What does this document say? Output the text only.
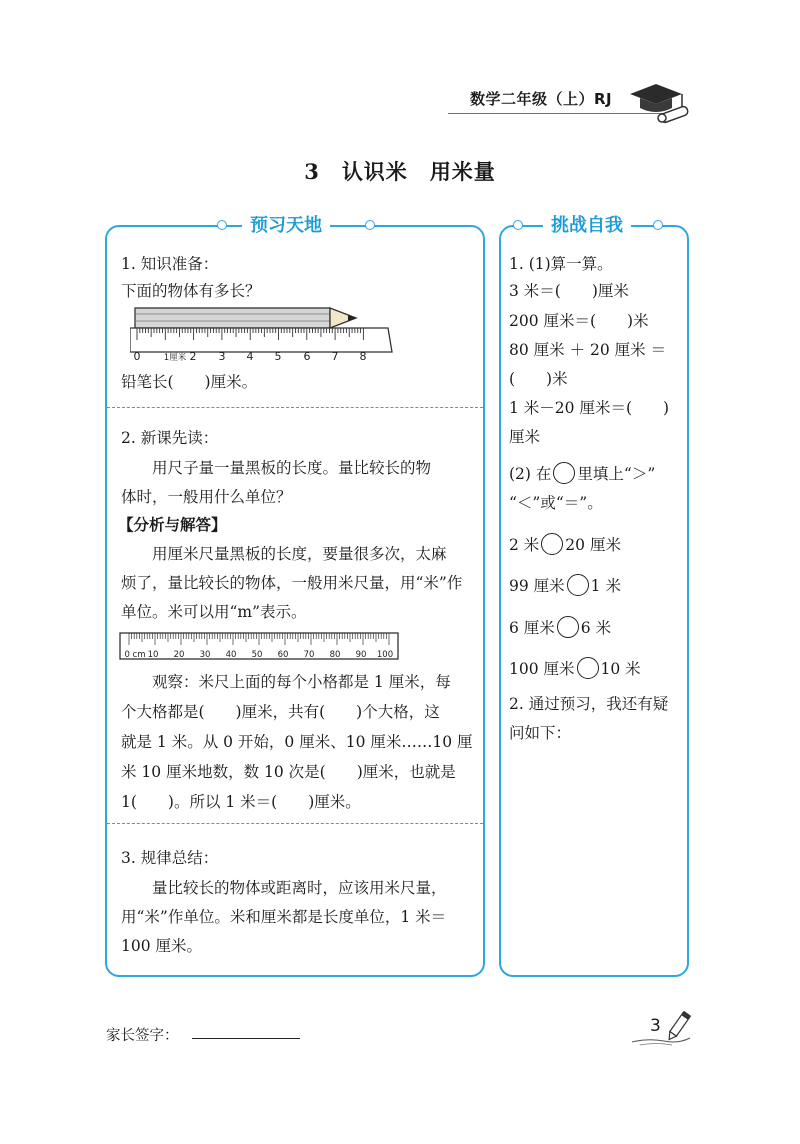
数学二年级（上）RJ
3 认识米 用米量
预习天地
1. 知识准备：
下面的物体有多长？
0	1厘米 2 3 4 5 6 7 8
铅笔长(　　)厘米。
2. 新课先读：
用尺子量一量黑板的长度。量比较长的物
体时，一般用什么单位？
【分析与解答】
用厘米尺量黑板的长度，要量很多次，太麻
烦了，量比较长的物体，一般用米尺量，用“米”作
单位。米可以用“m”表示。
0 cm 10 20 30 40 50 60 70 80 90 100
观察：米尺上面的每个小格都是 1 厘米，每
个大格都是(　　)厘米，共有(　　)个大格，这
就是 1 米。从 0 开始，0 厘米、10 厘米……10 厘
米 10 厘米地数，数 10 次是(　　)厘米，也就是
1(　　)。所以 1 米＝(　　)厘米。
3. 规律总结：
量比较长的物体或距离时，应该用米尺量，
用“米”作单位。米和厘米都是长度单位，1 米＝
100 厘米。
挑战自我
1. (1)算一算。
3 米＝(　　)厘米
200 厘米＝(　　)米
80 厘米 ＋ 20 厘米 ＝
(　　)米
1 米－20 厘米＝(　　)
厘米
(2) 在 里填上“＞”
“＜”或“＝”。
2 米 20 厘米
99 厘米 1 米
6 厘米 6 米
100 厘米 10 米
2. 通过预习，我还有疑
问如下：
家长签字：	3
